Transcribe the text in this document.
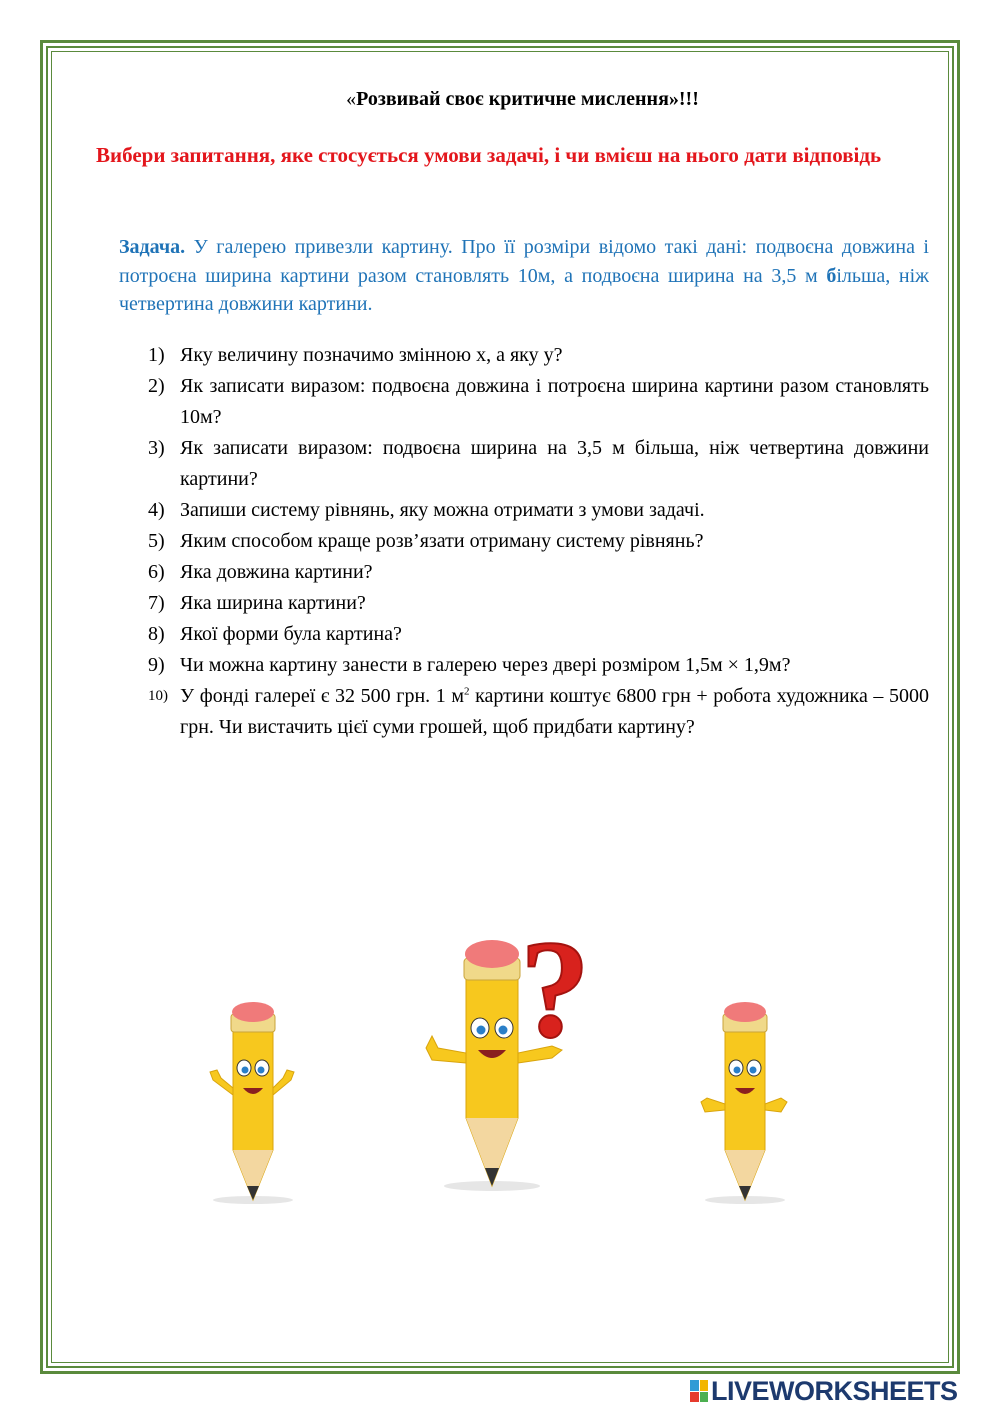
«Розвивай своє критичне мислення»!!!
Вибери запитання, яке стосується умови задачі, і чи вмієш на нього дати відповідь
Задача. У галерею привезли картину. Про її розміри відомо такі дані: подвоєна довжина і потроєна ширина картини разом становлять 10м, а подвоєна ширина на 3,5 м більша, ніж четвертина довжини картини.
1) Яку величину позначимо змінною х, а яку у?
2) Як записати виразом: подвоєна довжина і потроєна ширина картини разом становлять 10м?
3) Як записати виразом: подвоєна ширина на 3,5 м більша, ніж четвертина довжини картини?
4) Запиши систему рівнянь, яку можна отримати з умови задачі.
5) Яким способом краще розв’язати отриману систему рівнянь?
6) Яка довжина картини?
7) Яка ширина картини?
8) Якої форми була картина?
9) Чи можна картину занести в галерею через двері розміром 1,5м × 1,9м?
10) У фонді галереї є 32 500 грн. 1 $м^2$ картини коштує 6800 грн + робота художника – 5000 грн. Чи вистачить цієї суми грошей, щоб придбати картину?
?
LIVEWORKSHEETS
